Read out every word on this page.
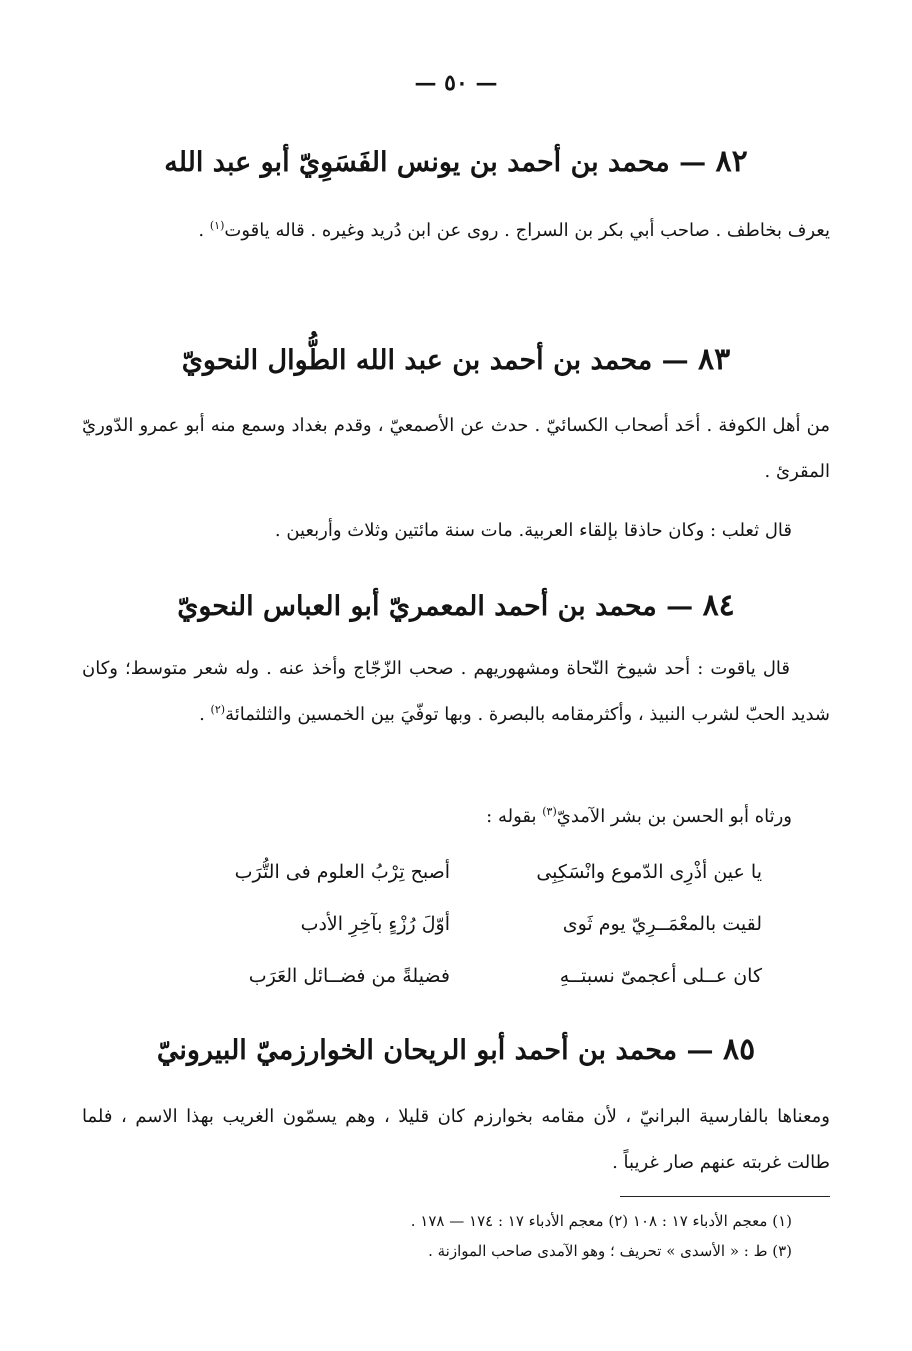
— ٥٠ —
٨٢ — محمد بن أحمد بن يونس الفَسَوِيّ أبو عبد الله
يعرف بخاطف . صاحب أبي بكر بن السراج . روى عن ابن دُريد وغيره . قاله ياقوت$^{(١)}$ .
٨٣ — محمد بن أحمد بن عبد الله الطُّوال النحويّ
من أهل الكوفة . أحَد أصحاب الكسائيّ . حدث عن الأصمعيّ ، وقدم بغداد وسمع منه أبو عمرو الدّوريّ المقرئ .
قال ثعلب : وكان حاذقا بإلقاء العربية. مات سنة مائتين وثلاث وأربعين .
٨٤ — محمد بن أحمد المعمريّ أبو العباس النحويّ
قال ياقوت : أحد شيوخ النّحاة ومشهوريهم . صحب الزّجّاج وأخذ عنه . وله شعر متوسط؛ وكان شديد الحبّ لشرب النبيذ ، وأكثرمقامه بالبصرة . وبها توفّيَ بين الخمسين والثلثمائة$^{(٢)}$ .
ورثاه أبو الحسن بن بشر الآمديّ$^{(٣)}$ بقوله :
يا عين أذْرِى الدّموع وانْسَكِبِى
أصبح تِرْبُ العلوم فى التُّرَب
لقيت بالمعْمَــرِيّ يوم ثَوى
أوّلَ رُزْءٍ بآخِرِ الأدب
كان عــلى أعجمىّ نسبتــهِ
فضيلةً من فضــائل العَرَب
٨٥ — محمد بن أحمد أبو الريحان الخوارزميّ البيرونيّ
ومعناها بالفارسية البرانيّ ، لأن مقامه بخوارزم كان قليلا ، وهم يسمّون الغريب بهذا الاسم ، فلما طالت غربته عنهم صار غريباً .
(١) معجم الأدباء ١٧ : ١٠٨ (٢) معجم الأدباء ١٧ : ١٧٤ — ١٧٨ .
(٣) ط : « الأسدى » تحريف ؛ وهو الآمدى صاحب الموازنة .
